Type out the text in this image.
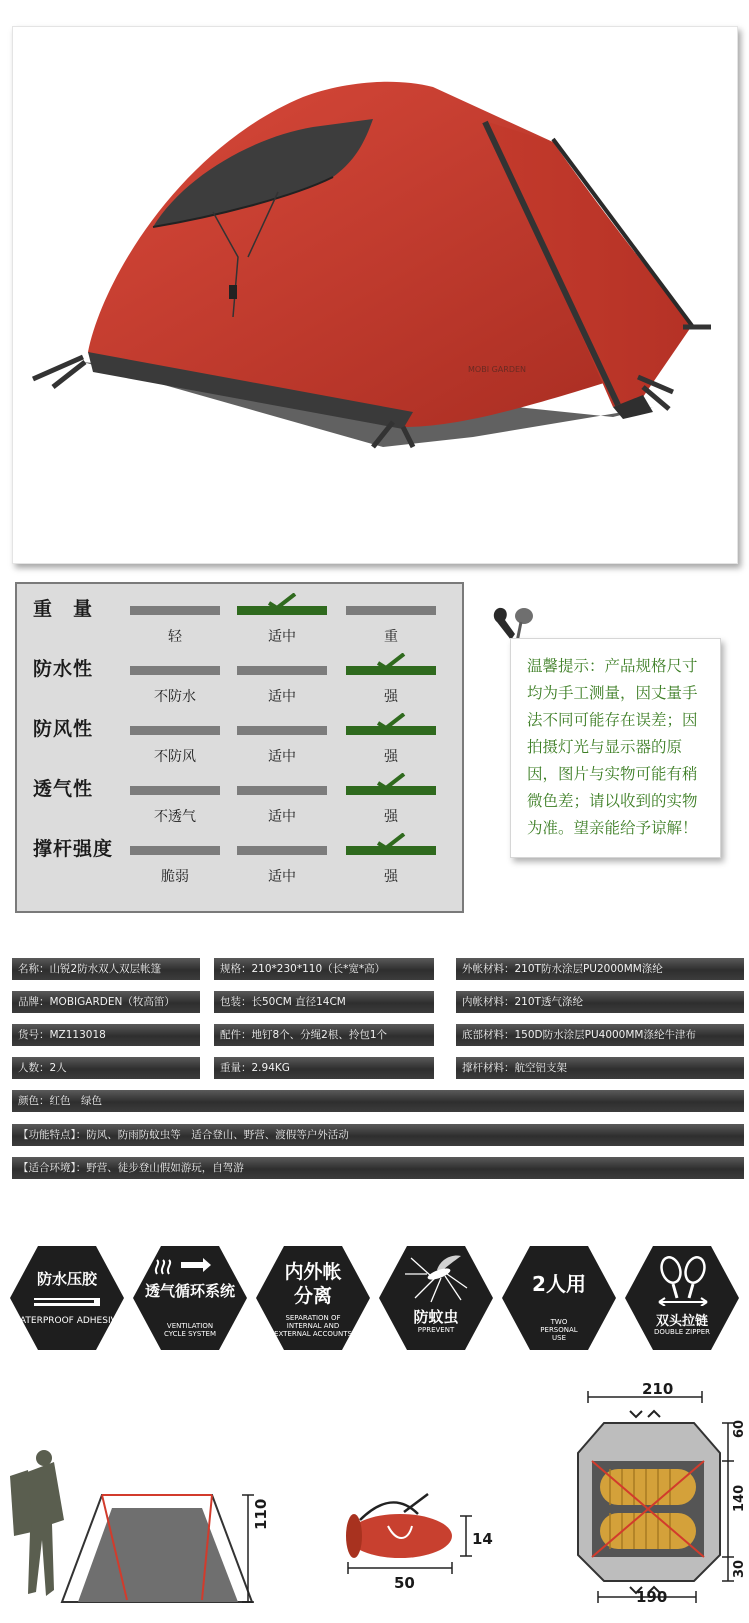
MOBI GARDEN
重　量
轻	适中	重
防水性
不防水	适中	强
防风性
不防风	适中	强
透气性
不透气	适中	强
撑杆强度
脆弱	适中	强
温馨提示：产品规格尺寸均为手工测量，因丈量手法不同可能存在误差；因拍摄灯光与显示器的原因，图片与实物可能有稍微色差；请以收到的实物为准。望亲能给予谅解！
名称：山锐2防水双人双层帐篷	规格：210*230*110（长*宽*高）	外帐材料：210T防水涂层PU2000MM涤纶
品牌：MOBIGARDEN（牧高笛）	包装：长50CM 直径14CM	内帐材料：210T透气涤纶
货号：MZ113018	配件：地钉8个、分绳2根、拎包1个	底部材料：150D防水涂层PU4000MM涤纶牛津布
人数：2人	重量：2.94KG	撑杆材料：航空铝支架
颜色：红色　绿色
【功能特点】：防风、防雨防蚊虫等　适合登山、野营、渡假等户外活动
【适合环境】：野营、徒步登山假如游玩，自驾游
防水压胶
WATERPROOF ADHESIVE
透气循环系统
VENTILATION CYCLE SYSTEM
内外帐分离
SEPARATION OF INTERNAL AND EXTERNAL ACCOUNTS
防蚊虫
PPREVENT
2人用
TWO PERSONAL USE
双头拉链
DOUBLE ZIPPER
110
14
50
210
190
60
140
30
